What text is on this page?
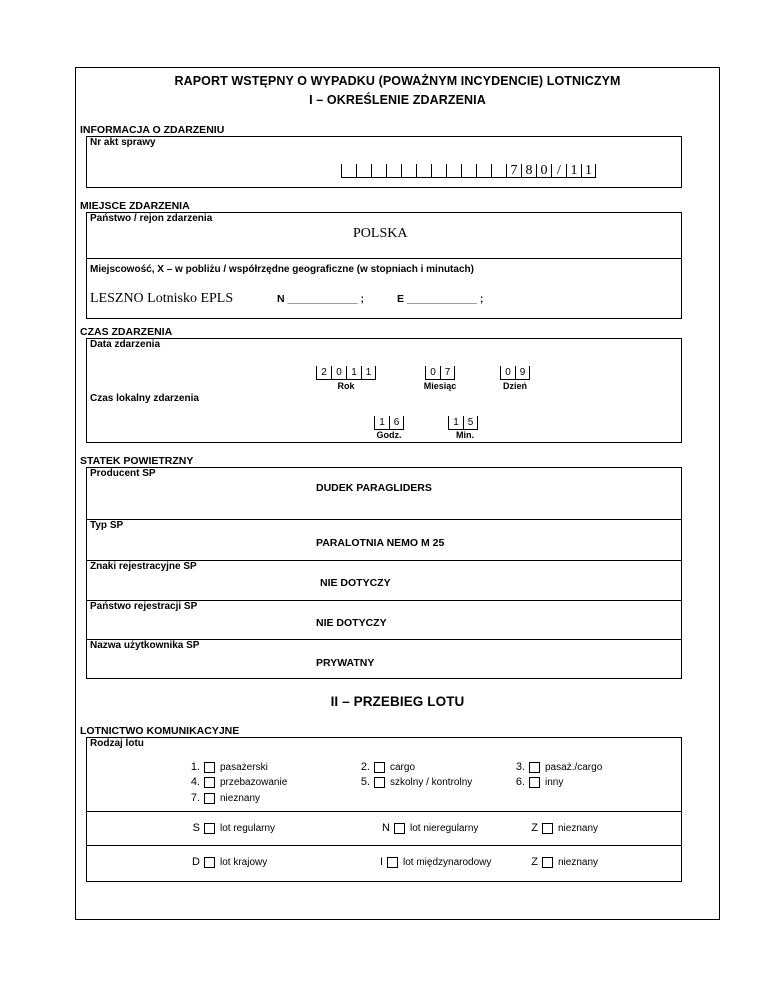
RAPORT WSTĘPNY O WYPADKU (POWAŻNYM INCYDENCIE) LOTNICZYM
I – OKREŚLENIE ZDARZENIA
INFORMACJA O ZDARZENIU
Nr akt sprawy
7 8 0 / 1 1
MIEJSCE ZDARZENIA
Państwo / rejon zdarzenia
POLSKA
Miejscowość, X – w pobliżu / współrzędne geograficzne (w stopniach i minutach)
LESZNO Lotnisko EPLS	N ____________ ;	E ____________ ;
CZAS ZDARZENIA
Data zdarzenia
2 0 1 1	0 7	0 9
Rok	Miesiąc	Dzień
Czas lokalny zdarzenia
1 6	1 5
Godz.	Min.
STATEK POWIETRZNY
Producent SP
DUDEK PARAGLIDERS
Typ SP
PARALOTNIA NEMO M 25
Znaki rejestracyjne SP
NIE DOTYCZY
Państwo rejestracji SP
NIE DOTYCZY
Nazwa użytkownika SP
PRYWATNY
II – PRZEBIEG LOTU
LOTNICTWO KOMUNIKACYJNE
Rodzaj lotu
1. pasażerski	2. cargo	3. pasaż./cargo
4. przebazowanie	5. szkolny / kontrolny	6. inny
7. nieznany
S lot regularny	N lot nieregularny	Z nieznany
D lot krajowy	I lot międzynarodowy	Z nieznany
